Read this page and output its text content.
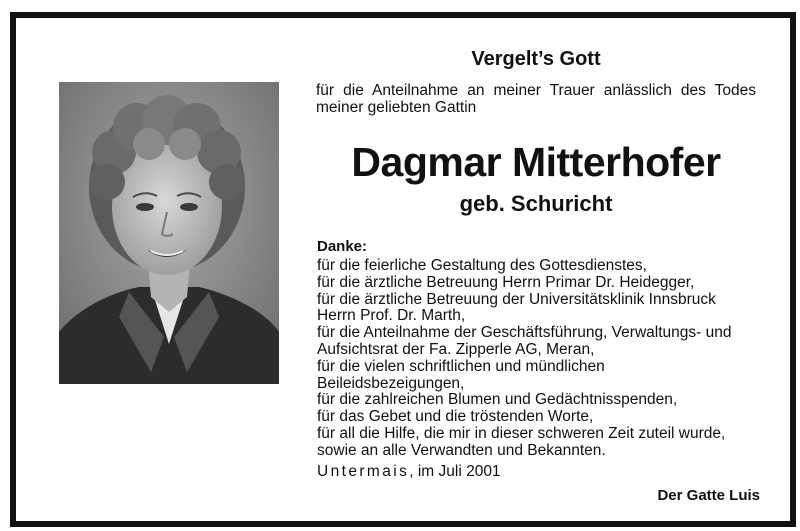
Vergelt’s Gott
für die Anteilnahme an meiner Trauer anlässlich des Todes meiner geliebten Gattin
Dagmar Mitterhofer
geb. Schuricht
Danke:
für die feierliche Gestaltung des Gottesdienstes,
für die ärztliche Betreuung Herrn Primar Dr. Heidegger,
für die ärztliche Betreuung der Universitätsklinik Innsbruck
Herrn Prof. Dr. Marth,
für die Anteilnahme der Geschäftsführung, Verwaltungs- und
Aufsichtsrat der Fa. Zipperle AG, Meran,
für die vielen schriftlichen und mündlichen
Beileidsbezeigungen,
für die zahlreichen Blumen und Gedächtnisspenden,
für das Gebet und die tröstenden Worte,
für all die Hilfe, die mir in dieser schweren Zeit zuteil wurde,
sowie an alle Verwandten und Bekannten.
Untermais, im Juli 2001
Der Gatte Luis
